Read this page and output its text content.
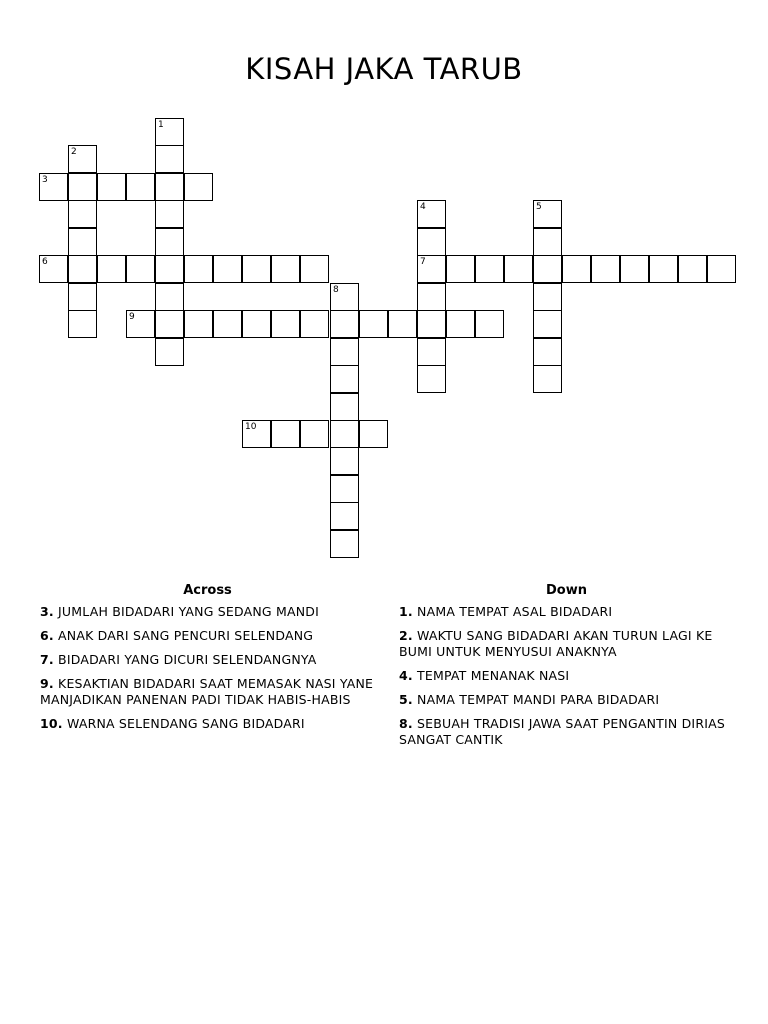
KISAH JAKA TARUB
1
2
3
4
7
5
6
8
9
10
Across
3. JUMLAH BIDADARI YANG SEDANG MANDI
6. ANAK DARI SANG PENCURI SELENDANG
7. BIDADARI YANG DICURI SELENDANGNYA
9. KESAKTIAN BIDADARI SAAT MEMASAK NASI YANE MANJADIKAN PANENAN PADI TIDAK HABIS-HABIS
10. WARNA SELENDANG SANG BIDADARI
Down
1. NAMA TEMPAT ASAL BIDADARI
2. WAKTU SANG BIDADARI AKAN TURUN LAGI KE BUMI UNTUK MENYUSUI ANAKNYA
4. TEMPAT MENANAK NASI
5. NAMA TEMPAT MANDI PARA BIDADARI
8. SEBUAH TRADISI JAWA SAAT PENGANTIN DIRIAS SANGAT CANTIK
